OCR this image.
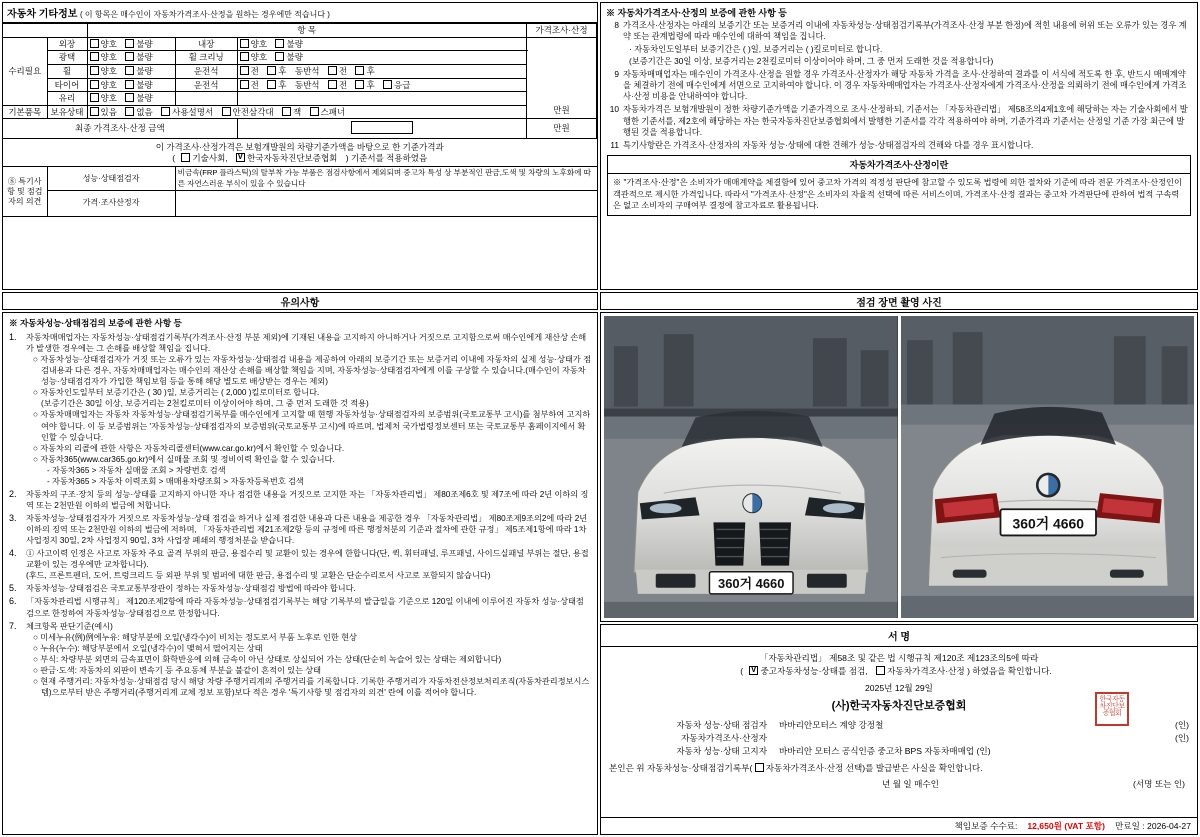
자동차 기타정보 ( 이 항목은 매수인이 자동차가격조사·산정을 원하는 경우에만 적습니다 )
		항 목			가격조사·산정
수리필요	외장	양호 불량	내장	양호 불량	만원
	광택	양호 불량	휠 크리닝	양호 불량	
	휠	양호 불량	운전석	전 후 동반석 전 후	
	타이어	양호 불량	운전석	전 후 동반석 전 후 응급	
	유리	양호 불량			
기본품목	보유상태	있음 없음 사용설명서 안전삼각대 잭 스패너			
최종 가격조사·산정 금액					만원

이 가격조사·산정가격은 보험개발원의 차량기준가액을 바탕으로 한 기준가격과
( 기술사회, V 한국자동차진단보증협회 ) 기준서를 적용하였음

⑧ 특기사항 및 점검자의 의견	성능·상태점검자		비금속(FRP 플라스틱)의 탈부착 가능 부품은 점검사항에서 제외되며 중고차 특성 상 부분적인 판금,도색 및 차량의 노후화에 따른 자연스러운 부식이 있을 수 있습니다		
	가격·조사산정자				
※ 자동차가격조사·산정의 보증에 관한 사항 등
8 가격조사·산정자는 아래의 보증기간 또는 보증거리 이내에 자동차성능·상태점검기록부(가격조사·산정 부분 한정)에 적힌 내용에 허위 또는 오류가 있는 경우 계약 또는 관계법령에 따라 매수인에 대하여 책임을 집니다.
· 자동차인도일부터 보증기간은 ( )일, 보증거리는 ( )킬로미터로 합니다.
(보증기간은 30일 이상, 보증거리는 2천킬로미터 이상이어야 하며, 그 중 먼저 도래한 것을 적용합니다)
9 자동차매매업자는 매수인이 가격조사·산정을 원할 경우 가격조사·산정자가 해당 자동차 가격을 조사·산정하여 결과를 이 서식에 적도록 한 후, 반드시 매매계약을 체결하기 전에 매수인에게 서면으로 고지하여야 합니다. 이 경우 자동차매매업자는 가격조사·산정자에게 가격조사·산정을 의뢰하기 전에 매수인에게 가격조사·산정 비용을 안내하여야 합니다.
10 자동차가격은 보험개발원이 정한 차량기준가액을 기준가격으로 조사·산정하되, 기준서는 「자동차관리법」 제58조의4제1호에 해당하는 자는 기술사회에서 발행한 기준서를, 제2호에 해당하는 자는 한국자동차진단보증협회에서 발행한 기준서를 각각 적용하여야 하며, 기준가격과 기준서는 산정일 기준 가장 최근에 발행된 것을 적용합니다.
11 특기사항란은 가격조사·산정자의 자동차 성능·상태에 대한 견해가 성능·상태점검자의 견해와 다를 경우 표시합니다.
자동차가격조사·산정이란
※ "가격조사·산정"은 소비자가 매매계약을 체결함에 있어 중고차 가격의 적정성 판단에 참고할 수 있도록 법령에 의한 절차와 기준에 따라 전문 가격조사·산정인이 객관적으로 제시한 가격입니다. 따라서 "가격조사·산정"은 소비자의 자율적 선택에 따른 서비스이며, 가격조사·산정 결과는 중고차 가격판단에 관하여 법적 구속력은 없고 소비자의 구매여부 결정에 참고자료로 활용됩니다.
유의사항	점검 장면 촬영 사진
※ 자동차성능·상태점검의 보증에 관한 사항 등
1.	자동차매매업자는 자동차성능·상태점검기록부(가격조사·산정 부분 제외)에 기재된 내용을 고지하지 아니하거나 거짓으로 고지함으로써 매수인에게 재산상 손해가 발생한 경우에는 그 손해를 배상할 책임을 집니다.
○ 자동차성능·상태점검자가 거짓 또는 오류가 있는 자동차성능·상태점검 내용을 제공하여 아래의 보증기간 또는 보증거리 이내에 자동차의 실제 성능·상태가 점검내용과 다른 경우, 자동차매매업자는 매수인의 재산상 손해를 배상할 책임을 지며, 자동차성능·상태점검자에게 이를 구상할 수 있습니다.(매수인이 자동차성능·상태점검자가 가입한 책임보험 등을 통해 해당 별도로 배상받는 경우는 제외)
○ 자동차인도일부터 보증기간은 ( 30 )일, 보증거리는 ( 2,000 )킬로미터로 합니다.
(보증기간은 30일 이상, 보증거리는 2천킬로미터 이상이어야 하며, 그 중 먼저 도래한 것 적용)
○ 자동차매매업자는 자동차 자동차성능·상태점검기록부를 매수인에게 고지할 때 현행 자동차성능·상태점검자의 보증범위(국토교통부 고시)를 첨부하여 고지하여야 합니다. 이 등 보증범위는 '자동차성능·상태점검자의 보증범위(국토교통부 고시)에 따르며, 법제처 국가법령정보센터 또는 국토교통부 홈페이지에서 확인할 수 있습니다.
○ 자동차의 리콜에 관한 사항은 자동차리콜센터(www.car.go.kr)에서 확인할 수 있습니다.
○ 자동차365(www.car365.go.kr)에서 실매물 조회 및 정비이력 확인을 할 수 있습니다.
- 자동차365 > 자동차 실매물 조회 > 차량번호 검색
- 자동차365 > 자동차 이력조회 > 매매용차량조회 > 자동차등록번호 검색
2.	자동차의 구조·장치 등의 성능·상태를 고지하지 아니한 자나 점검한 내용을 거짓으로 고지한 자는 「자동차관리법」 제80조제6호 및 제7조에 따라 2년 이하의 징역 또는 2천만원 이하의 벌금에 처합니다.
3.	자동차성능·상태점검자가 거짓으로 자동차성능·상태 점검을 하거나 실제 점검한 내용과 다른 내용을 제공한 경우 「자동차관리법」 제80조제9조의2에 따라 2년 이하의 징역 또는 2천만원 이하의 벌금에 저하며, 「자동차관리법 제21조제2항 등의 규정에 따른 행정처분의 기준과 절차에 관한 규정」 제5조제1항에 따라 1차 사업정지 30일, 2차 사업정지 90일, 3차 사업장 폐쇄의 행정처분을 받습니다.
4.	① 사고이력 인정은 사고로 자동차 주요 골격 부위의 판금, 용접수리 및 교환이 있는 경우에 한합니다(단, 퀵, 휘터패널, 루프패널, 사이드실패널 부위는 절단, 용접 교환이 있는 경우에만 교차합니다).
(후드, 프론트펜더, 도어, 트렁크리드 등 외판 부위 및 범퍼에 대한 판금, 용접수리 및 교환은 단순수리로서 사고로 포함되지 않습니다)
5.	자동차성능·상태점검은 국토교통부장관이 정하는 자동차성능·상태점검 방법에 따라야 합니다.
6.	「자동차관리법 시행규칙」 제120조제2항에 따라 자동차성능·상태점검기록부는 해당 기록부의 발급일을 기준으로 120일 이내에 이루어진 자동차 성능·상태점검으로 한정하여 자동차성능·상태점검으로 한정합니다.
7.	체크항목 판단기준(예시)
○ 미세누유(例)例에누유: 해당부분에 오일(냉각수)이 비치는 정도로서 부품 노후로 인한 현상
○ 누유(누수): 해당부분에서 오일(냉각수)이 맺혀서 떨어지는 상태
○ 부식: 차량부분 외면의 금속표면이 화학반응에 의해 금속이 아닌 상태로 상실되어 가는 상태(단순히 녹슬어 있는 상태는 제외합니다)
○ 판금·도색: 자동차의 외판이 변속기 등 주요동체 부분을 불같이 흔적이 있는 상태
○ 현재 주행거리: 자동차성능·상태점검 당시 해당 차량 주행거리계의 주행거리를 기록합니다. 기록한 주행거리가 자동차전산정보처리조직(자동차관리정보시스템)으로부터 받은 주행거리(주행거리계 교체 정보 포함)보다 적은 경우 '특기사항 및 점검자의 의견' 란에 이를 적어야 합니다.
360거 4660
360거 4660
서 명
「자동차관리법」 제58조 및 같은 법 시행규칙 제120조 제123조의5에 따라
( V 중고자동차성능·상태를 점검, 자동차가격조사·산정 ) 하였음을 확인합니다.
2025년 12월 29일
(사)한국자동차진단보증협회
한국자동차진단보증협회
자동차 성능·상태 점검자	바바리안모터스 계양 강정철	(인)
자동차가격조사·산정자	(인)
자동차 성능·상태 고지자	바바리안 모터스 공식인증 중고차 BPS 자동차매매업 (인)
본인은 위 자동차성능·상태점검기록부( 자동차가격조사·산정 선택)를 발급받은 사실을 확인합니다.
년 월 일 매수인	(서명 또는 인)
책임보증 수수료: 12,650원 (VAT 포함) 만료일 : 2026-04-27
